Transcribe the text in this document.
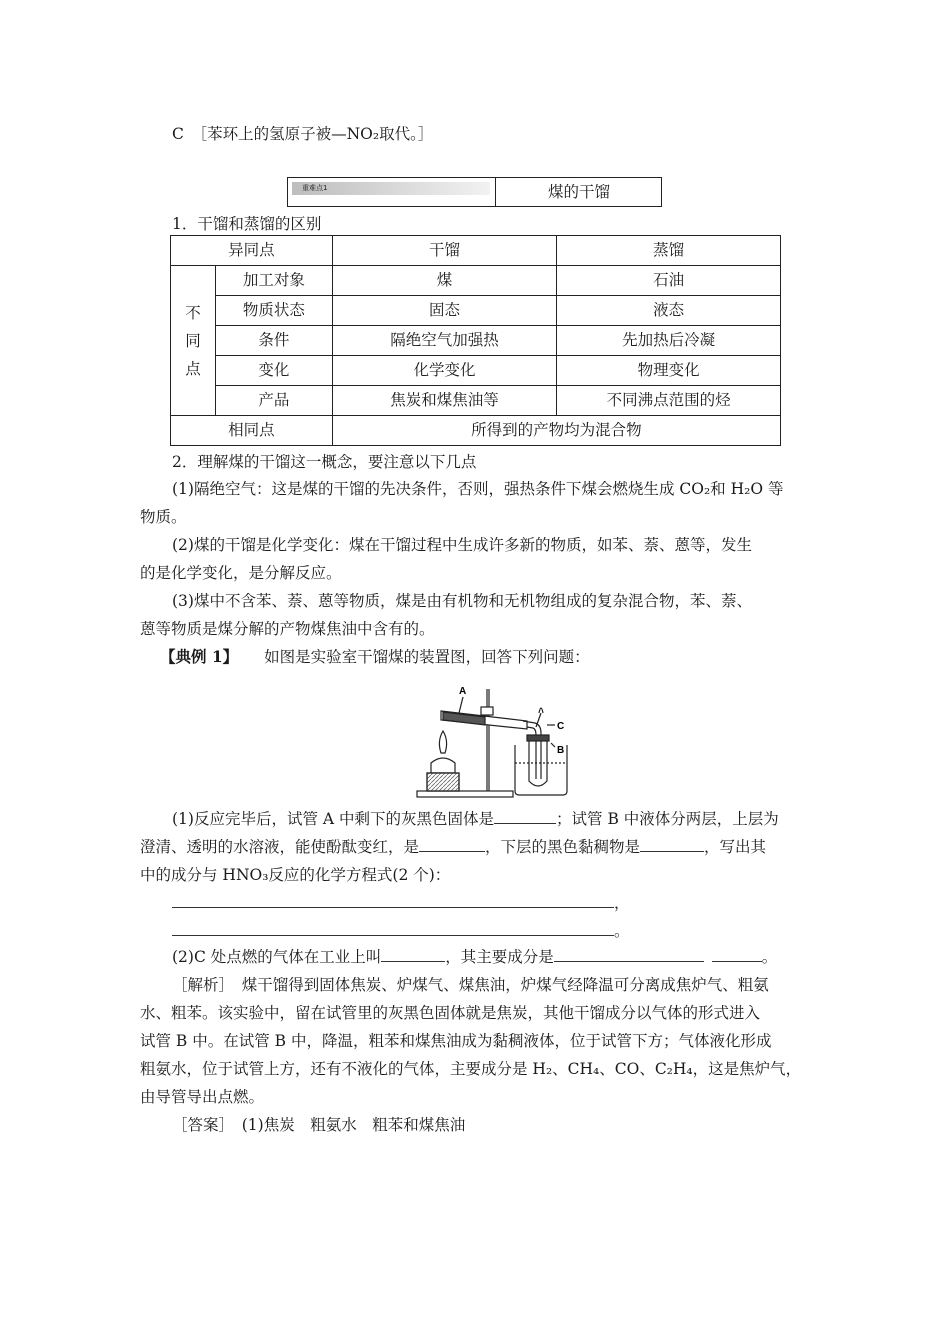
C　［苯环上的氢原子被—NO₂取代。］
重难点1	煤的干馏
1．干馏和蒸馏的区别
异同点		干馏	蒸馏

不
同
点	加工对象	煤	石油
	物质状态	固态	液态
	条件	隔绝空气加强热	先加热后冷凝
	变化	化学变化	物理变化
	产品	焦炭和煤焦油等	不同沸点范围的烃
相同点		所得到的产物均为混合物	
2．理解煤的干馏这一概念，要注意以下几点
(1)隔绝空气：这是煤的干馏的先决条件，否则，强热条件下煤会燃烧生成 CO₂和 H₂O 等
物质。
(2)煤的干馏是化学变化：煤在干馏过程中生成许多新的物质，如苯、萘、蒽等，发生
的是化学变化，是分解反应。
(3)煤中不含苯、萘、蒽等物质，煤是由有机物和无机物组成的复杂混合物，苯、萘、
蒽等物质是煤分解的产物煤焦油中含有的。
【典例 1】 如图是实验室干馏煤的装置图，回答下列问题：
A
C
B
(1)反应完毕后，试管 A 中剩下的灰黑色固体是	；试管 B 中液体分两层，上层为
澄清、透明的水溶液，能使酚酞变红，是	，下层的黑色黏稠物是	，写出其
中的成分与 HNO₃反应的化学方程式(2 个)：
，
。
(2)C 处点燃的气体在工业上叫	，其主要成分是	。
［解析］　煤干馏得到固体焦炭、炉煤气、煤焦油，炉煤气经降温可分离成焦炉气、粗氨
水、粗苯。该实验中，留在试管里的灰黑色固体就是焦炭，其他干馏成分以气体的形式进入
试管 B 中。在试管 B 中，降温，粗苯和煤焦油成为黏稠液体，位于试管下方；气体液化形成
粗氨水，位于试管上方，还有不液化的气体，主要成分是 H₂、CH₄、CO、C₂H₄，这是焦炉气，
由导管导出点燃。
［答案］　(1)焦炭　粗氨水　粗苯和煤焦油
